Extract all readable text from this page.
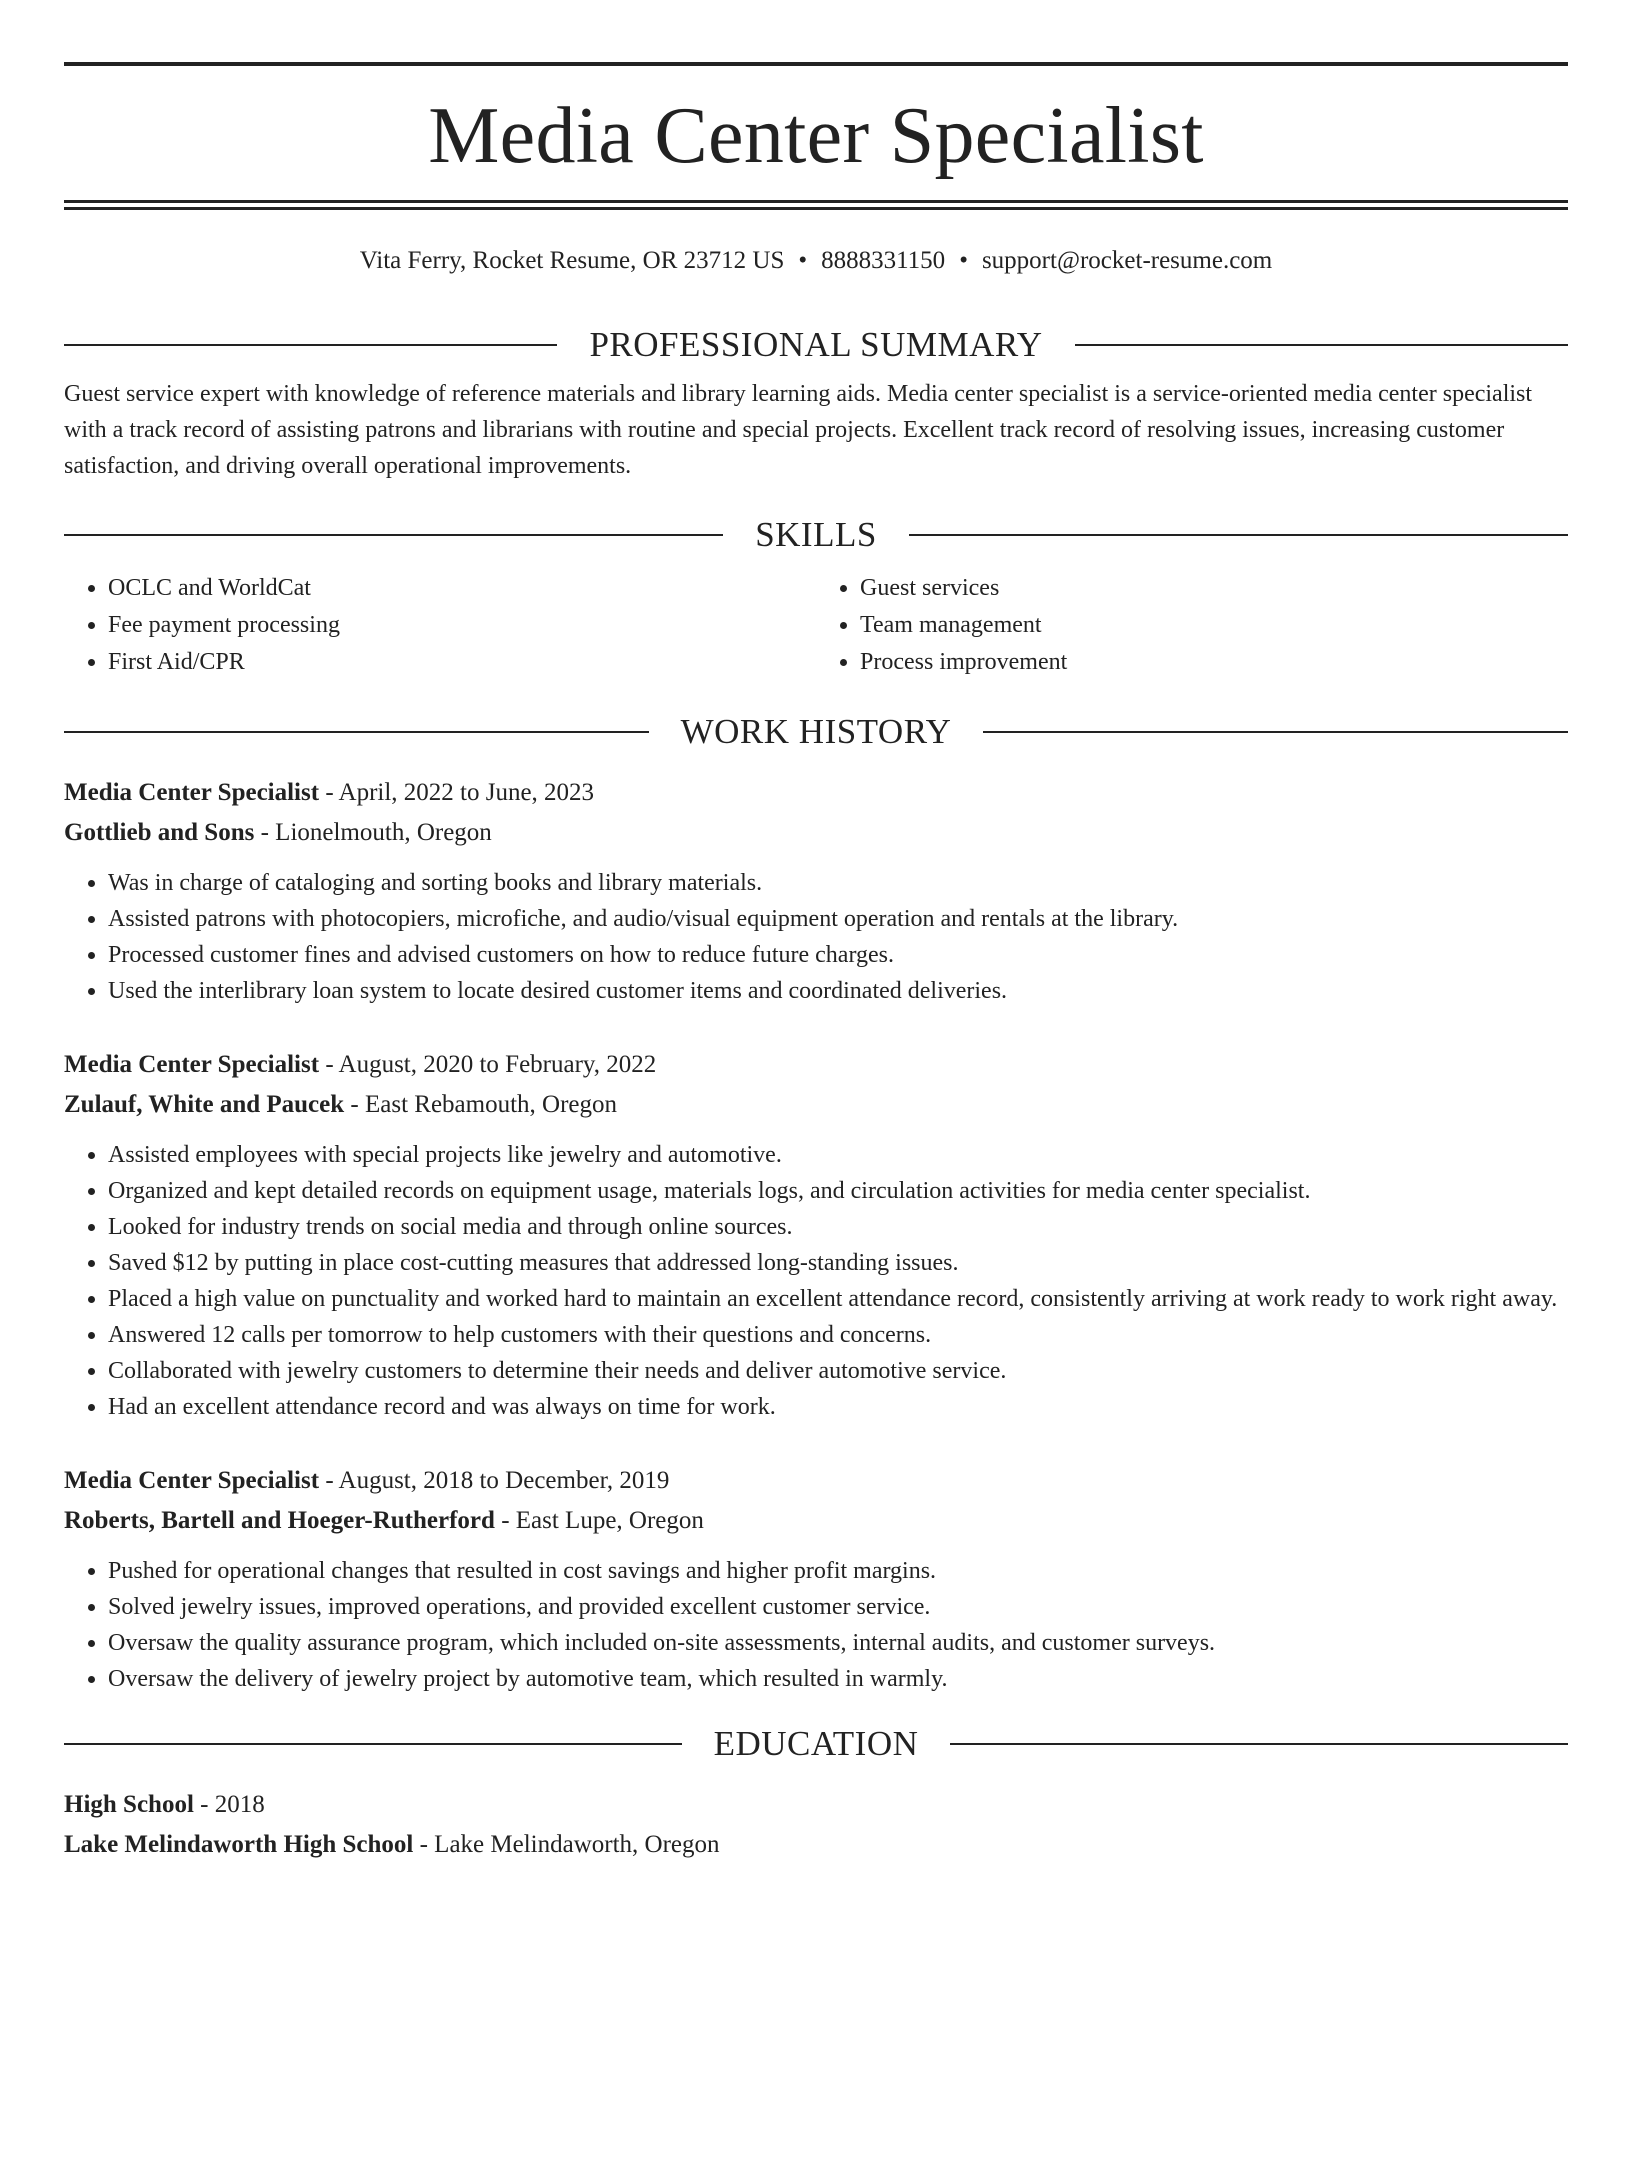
Media Center Specialist
Vita Ferry, Rocket Resume, OR 23712 US • 8888331150 • support@rocket-resume.com
PROFESSIONAL SUMMARY
Guest service expert with knowledge of reference materials and library learning aids. Media center specialist is a service-oriented media center specialist with a track record of assisting patrons and librarians with routine and special projects. Excellent track record of resolving issues, increasing customer satisfaction, and driving overall operational improvements.
SKILLS
• OCLC and WorldCat
• Fee payment processing
• First Aid/CPR
• Guest services
• Team management
• Process improvement
WORK HISTORY
Media Center Specialist - April, 2022 to June, 2023
Gottlieb and Sons - Lionelmouth, Oregon
• Was in charge of cataloging and sorting books and library materials.
• Assisted patrons with photocopiers, microfiche, and audio/visual equipment operation and rentals at the library.
• Processed customer fines and advised customers on how to reduce future charges.
• Used the interlibrary loan system to locate desired customer items and coordinated deliveries.
Media Center Specialist - August, 2020 to February, 2022
Zulauf, White and Paucek - East Rebamouth, Oregon
• Assisted employees with special projects like jewelry and automotive.
• Organized and kept detailed records on equipment usage, materials logs, and circulation activities for media center specialist.
• Looked for industry trends on social media and through online sources.
• Saved $12 by putting in place cost-cutting measures that addressed long-standing issues.
• Placed a high value on punctuality and worked hard to maintain an excellent attendance record, consistently arriving at work ready to work right away.
• Answered 12 calls per tomorrow to help customers with their questions and concerns.
• Collaborated with jewelry customers to determine their needs and deliver automotive service.
• Had an excellent attendance record and was always on time for work.
Media Center Specialist - August, 2018 to December, 2019
Roberts, Bartell and Hoeger-Rutherford - East Lupe, Oregon
• Pushed for operational changes that resulted in cost savings and higher profit margins.
• Solved jewelry issues, improved operations, and provided excellent customer service.
• Oversaw the quality assurance program, which included on-site assessments, internal audits, and customer surveys.
• Oversaw the delivery of jewelry project by automotive team, which resulted in warmly.
EDUCATION
High School - 2018
Lake Melindaworth High School - Lake Melindaworth, Oregon
